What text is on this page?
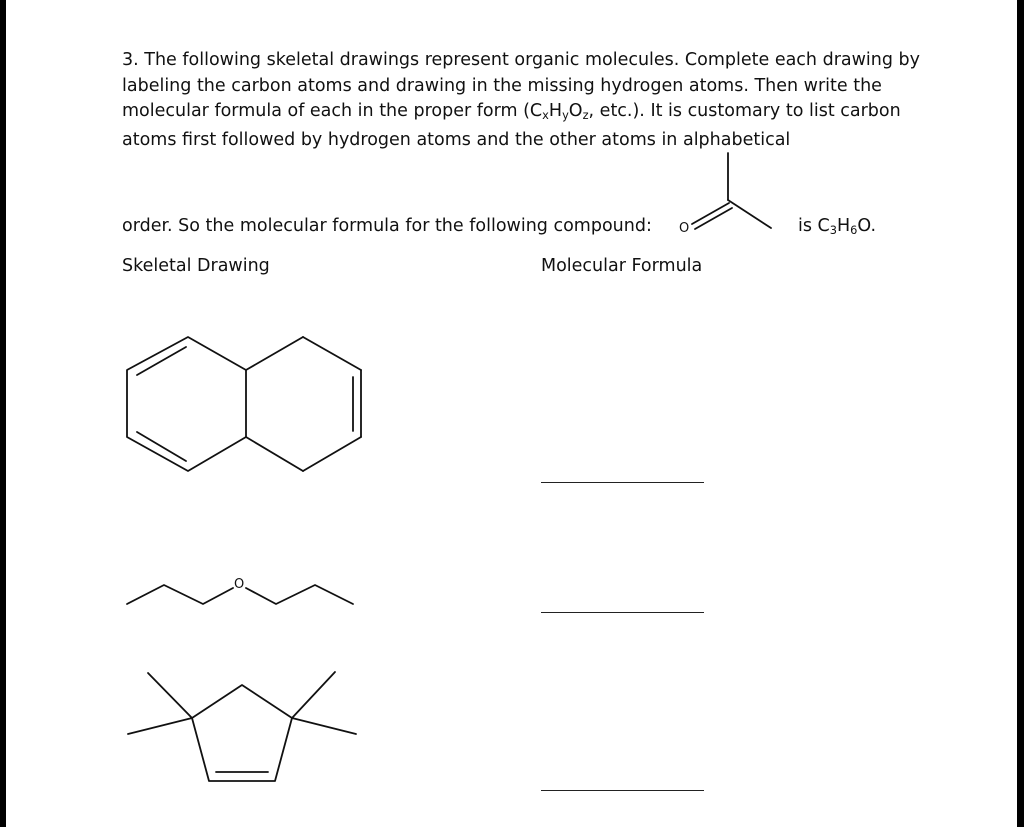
3. The following skeletal drawings represent organic molecules. Complete each drawing by labeling the carbon atoms and drawing in the missing hydrogen atoms. Then write the molecular formula of each in the proper form ($C_xH_yO_z$, etc.). It is customary to list carbon atoms first followed by hydrogen atoms and the other atoms in alphabetical

order. So the molecular formula for the following compound: O	is $C_3H_6O$.
Skeletal Drawing	Molecular Formula
O
